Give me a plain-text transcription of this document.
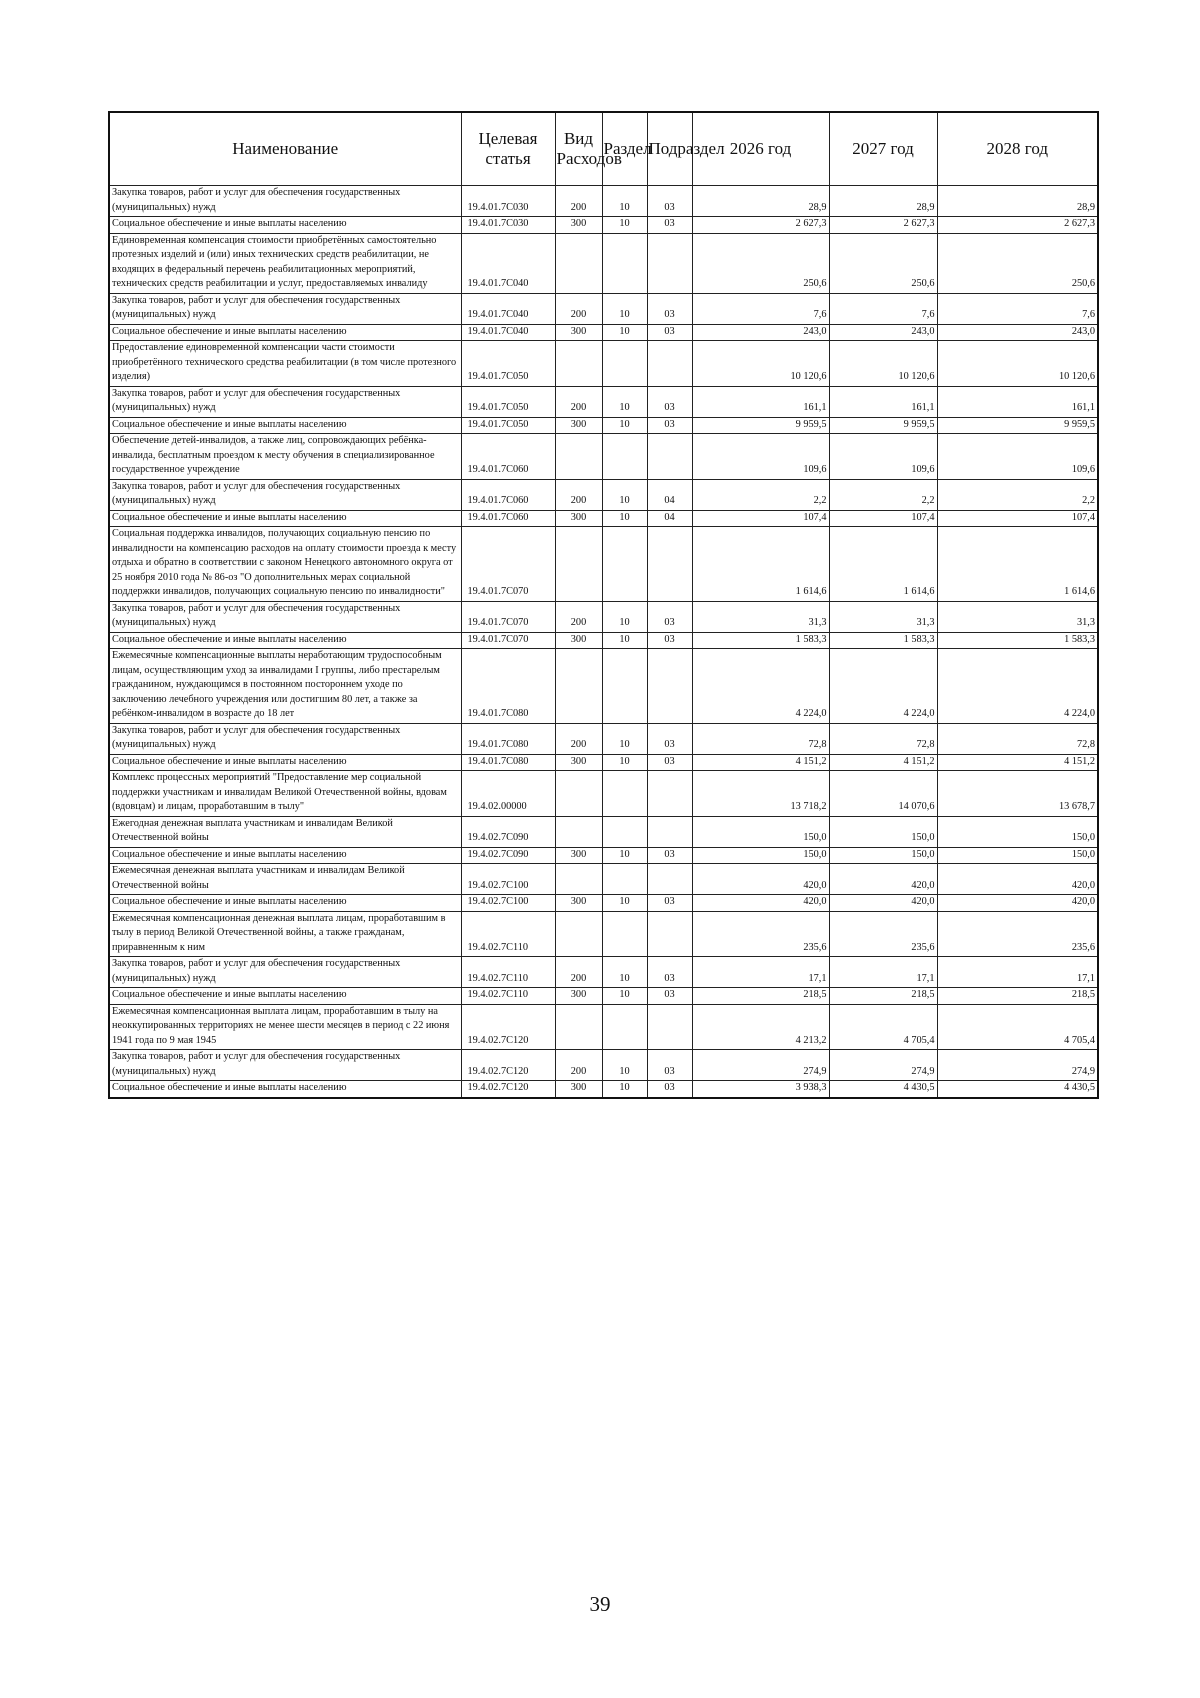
Наименование	Целевая статья	Вид Расходов	Раздел	Подраздел	2026 год	2027 год	2028 год
Закупка товаров, работ и услуг для обеспечения государственных (муниципальных) нужд	19.4.01.7С030	200	10	03	28,9	28,9	28,9
Социальное обеспечение и иные выплаты населению	19.4.01.7С030	300	10	03	2 627,3	2 627,3	2 627,3
Единовременная компенсация стоимости приобретённых самостоятельно протезных изделий и (или) иных технических средств реабилитации, не входящих в федеральный перечень реабилитационных мероприятий, технических средств реабилитации и услуг, предоставляемых инвалиду	19.4.01.7С040				250,6	250,6	250,6
Закупка товаров, работ и услуг для обеспечения государственных (муниципальных) нужд	19.4.01.7С040	200	10	03	7,6	7,6	7,6
Социальное обеспечение и иные выплаты населению	19.4.01.7С040	300	10	03	243,0	243,0	243,0
Предоставление единовременной компенсации части стоимости приобретённого технического средства реабилитации (в том числе протезного изделия)	19.4.01.7С050				10 120,6	10 120,6	10 120,6
Закупка товаров, работ и услуг для обеспечения государственных (муниципальных) нужд	19.4.01.7С050	200	10	03	161,1	161,1	161,1
Социальное обеспечение и иные выплаты населению	19.4.01.7С050	300	10	03	9 959,5	9 959,5	9 959,5
Обеспечение детей-инвалидов, а также лиц, сопровождающих ребёнка-инвалида, бесплатным проездом к месту обучения в специализированное государственное учреждение	19.4.01.7С060				109,6	109,6	109,6
Закупка товаров, работ и услуг для обеспечения государственных (муниципальных) нужд	19.4.01.7С060	200	10	04	2,2	2,2	2,2
Социальное обеспечение и иные выплаты населению	19.4.01.7С060	300	10	04	107,4	107,4	107,4
Социальная поддержка инвалидов, получающих социальную пенсию по инвалидности на компенсацию расходов на оплату стоимости проезда к месту отдыха и обратно в соответствии с законом Ненецкого автономного округа от 25 ноября 2010 года № 86-оз "О дополнительных мерах социальной поддержки инвалидов, получающих социальную пенсию по инвалидности"	19.4.01.7С070				1 614,6	1 614,6	1 614,6
Закупка товаров, работ и услуг для обеспечения государственных (муниципальных) нужд	19.4.01.7С070	200	10	03	31,3	31,3	31,3
Социальное обеспечение и иные выплаты населению	19.4.01.7С070	300	10	03	1 583,3	1 583,3	1 583,3
Ежемесячные компенсационные выплаты неработающим трудоспособным лицам, осуществляющим уход за инвалидами I группы, либо престарелым гражданином, нуждающимся в постоянном постороннем уходе по заключению лечебного учреждения или достигшим 80 лет, а также за ребёнком-инвалидом в возрасте до 18 лет	19.4.01.7С080				4 224,0	4 224,0	4 224,0
Закупка товаров, работ и услуг для обеспечения государственных (муниципальных) нужд	19.4.01.7С080	200	10	03	72,8	72,8	72,8
Социальное обеспечение и иные выплаты населению	19.4.01.7С080	300	10	03	4 151,2	4 151,2	4 151,2
Комплекс процессных мероприятий "Предоставление мер социальной поддержки участникам и инвалидам Великой Отечественной войны, вдовам (вдовцам) и лицам, проработавшим в тылу"	19.4.02.00000				13 718,2	14 070,6	13 678,7
Ежегодная денежная выплата участникам и инвалидам Великой Отечественной войны	19.4.02.7С090				150,0	150,0	150,0
Социальное обеспечение и иные выплаты населению	19.4.02.7С090	300	10	03	150,0	150,0	150,0
Ежемесячная денежная выплата участникам и инвалидам Великой Отечественной войны	19.4.02.7С100				420,0	420,0	420,0
Социальное обеспечение и иные выплаты населению	19.4.02.7С100	300	10	03	420,0	420,0	420,0
Ежемесячная компенсационная денежная выплата лицам, проработавшим в тылу в период Великой Отечественной войны, а также гражданам, приравненным к ним	19.4.02.7С110				235,6	235,6	235,6
Закупка товаров, работ и услуг для обеспечения государственных (муниципальных) нужд	19.4.02.7С110	200	10	03	17,1	17,1	17,1
Социальное обеспечение и иные выплаты населению	19.4.02.7С110	300	10	03	218,5	218,5	218,5
Ежемесячная компенсационная выплата лицам, проработавшим в тылу на неоккупированных территориях не менее шести месяцев в период с 22 июня 1941 года по 9 мая 1945	19.4.02.7С120				4 213,2	4 705,4	4 705,4
Закупка товаров, работ и услуг для обеспечения государственных (муниципальных) нужд	19.4.02.7С120	200	10	03	274,9	274,9	274,9
Социальное обеспечение и иные выплаты населению	19.4.02.7С120	300	10	03	3 938,3	4 430,5	4 430,5
39
